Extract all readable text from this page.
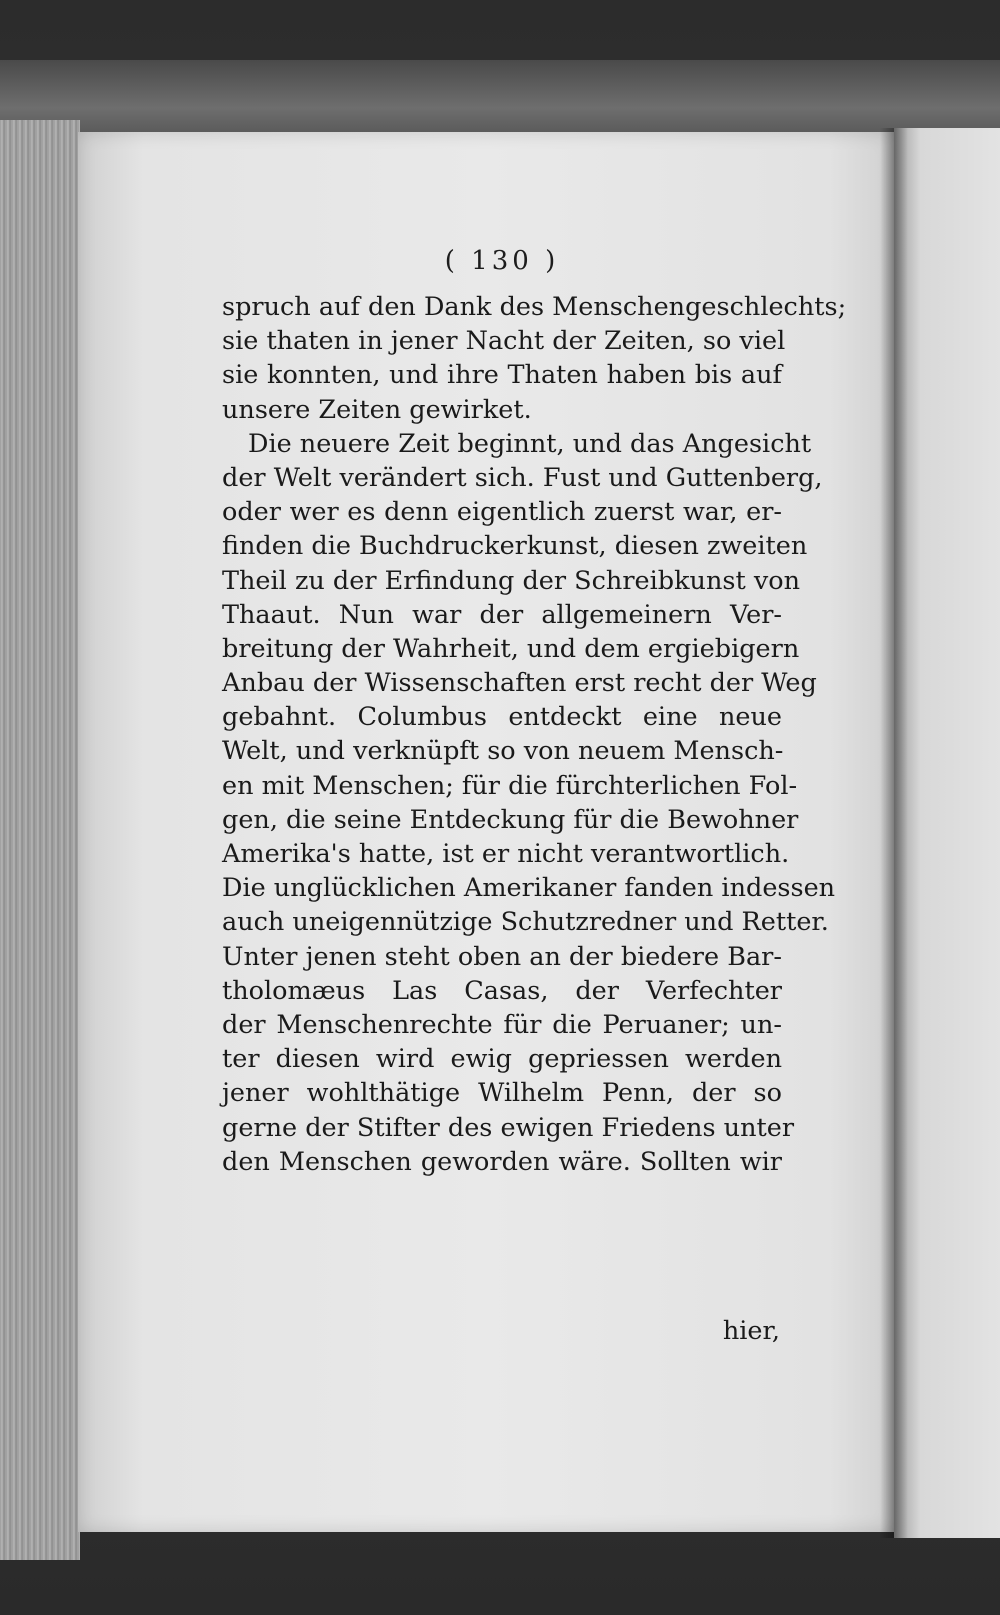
( 130 )
spruch auf den Dank des Menschengeschlechts;
sie thaten in jener Nacht der Zeiten, so viel
sie konnten, und ihre Thaten haben bis auf
unsere Zeiten gewirket.
Die neuere Zeit beginnt, und das Angesicht
der Welt verändert sich. Fust und Guttenberg,
oder wer es denn eigentlich zuerst war, er-
finden die Buchdruckerkunst, diesen zweiten
Theil zu der Erfindung der Schreibkunst von
Thaaut. Nun war der allgemeinern Ver-
breitung der Wahrheit, und dem ergiebigern
Anbau der Wissenschaften erst recht der Weg
gebahnt. Columbus entdeckt eine neue
Welt, und verknüpft so von neuem Mensch-
en mit Menschen; für die fürchterlichen Fol-
gen, die seine Entdeckung für die Bewohner
Amerika's hatte, ist er nicht verantwortlich.
Die unglücklichen Amerikaner fanden indessen
auch uneigennützige Schutzredner und Retter.
Unter jenen steht oben an der biedere Bar-
tholomæus Las Casas, der Verfechter
der Menschenrechte für die Peruaner; un-
ter diesen wird ewig gepriessen werden
jener wohlthätige Wilhelm Penn, der so
gerne der Stifter des ewigen Friedens unter
den Menschen geworden wäre. Sollten wir
hier,
